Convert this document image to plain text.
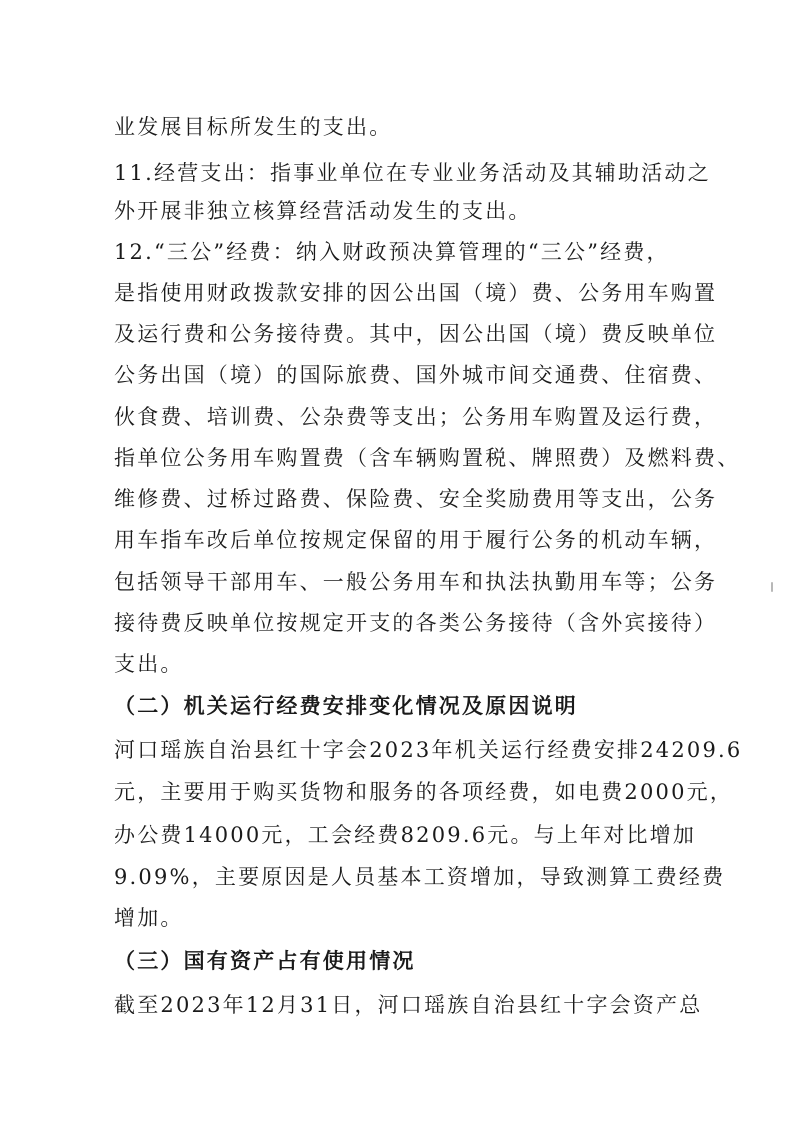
业发展目标所发生的支出。
11.经营支出：指事业单位在专业业务活动及其辅助活动之
外开展非独立核算经营活动发生的支出。
12.“三公”经费：纳入财政预决算管理的“三公”经费，
是指使用财政拨款安排的因公出国（境）费、公务用车购置
及运行费和公务接待费。其中，因公出国（境）费反映单位
公务出国（境）的国际旅费、国外城市间交通费、住宿费、
伙食费、培训费、公杂费等支出；公务用车购置及运行费，
指单位公务用车购置费（含车辆购置税、牌照费）及燃料费、
维修费、过桥过路费、保险费、安全奖励费用等支出，公务
用车指车改后单位按规定保留的用于履行公务的机动车辆，
包括领导干部用车、一般公务用车和执法执勤用车等；公务
接待费反映单位按规定开支的各类公务接待（含外宾接待）
支出。
（二）机关运行经费安排变化情况及原因说明
河口瑶族自治县红十字会2023年机关运行经费安排24209.6
元，主要用于购买货物和服务的各项经费，如电费2000元，
办公费14000元，工会经费8209.6元。与上年对比增加
9.09%，主要原因是人员基本工资增加，导致测算工费经费
增加。
（三）国有资产占有使用情况
截至2023年12月31日，河口瑶族自治县红十字会资产总
